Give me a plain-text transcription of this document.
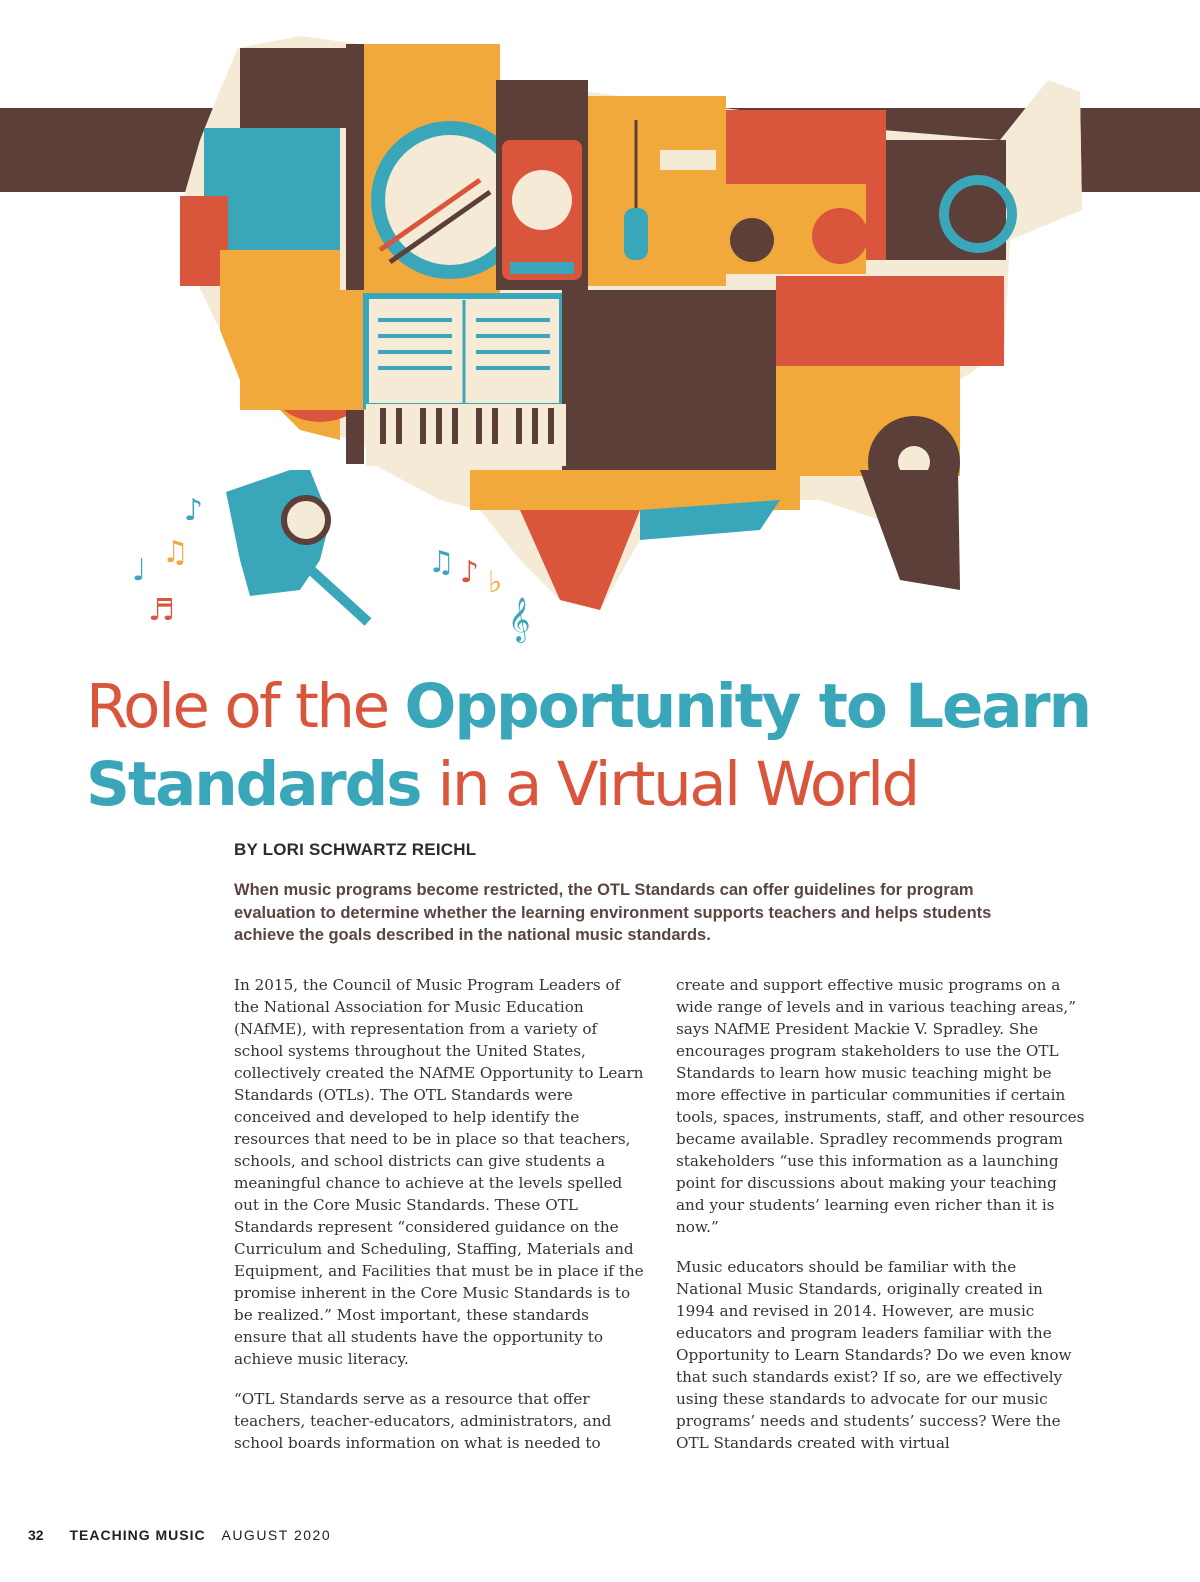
♪
♫
♩
♬
♫ ♪ ♭
𝄞
Role of the Opportunity to Learn
Standards in a Virtual World
BY LORI SCHWARTZ REICHL
When music programs become restricted, the OTL Standards can offer guidelines for program evaluation to determine whether the learning environment supports teachers and helps students achieve the goals described in the national music standards.

In 2015, the Council of Music Program Leaders of the National Association for Music Education (NAfME), with representation from a variety of school systems throughout the United States, collectively created the NAfME Opportunity to Learn Standards (OTLs). The OTL Standards were conceived and developed to help identify the resources that need to be in place so that teachers, schools, and school districts can give students a meaningful chance to achieve at the levels spelled out in the Core Music Standards. These OTL Standards represent “considered guidance on the Curriculum and Scheduling, Staffing, Materials and Equipment, and Facilities that must be in place if the promise inherent in the Core Music Standards is to be realized.” Most important, these standards ensure that all students have the opportunity to achieve music literacy.

“OTL Standards serve as a resource that offer teachers, teacher-educators, administrators, and school boards information on what is needed to

create and support effective music programs on a wide range of levels and in various teaching areas,” says NAfME President Mackie V. Spradley. She encourages program stakeholders to use the OTL Standards to learn how music teaching might be more effective in particular communities if certain tools, spaces, instruments, staff, and other resources became available. Spradley recommends program stakeholders “use this information as a launching point for discussions about making your teaching and your students’ learning even richer than it is now.”

Music educators should be familiar with the National Music Standards, originally created in 1994 and revised in 2014. However, are music educators and program leaders familiar with the Opportunity to Learn Standards? Do we even know that such standards exist? If so, are we effectively using these standards to advocate for our music programs’ needs and students’ success? Were the OTL Standards created with virtual

32 TEACHING MUSIC AUGUST 2020
